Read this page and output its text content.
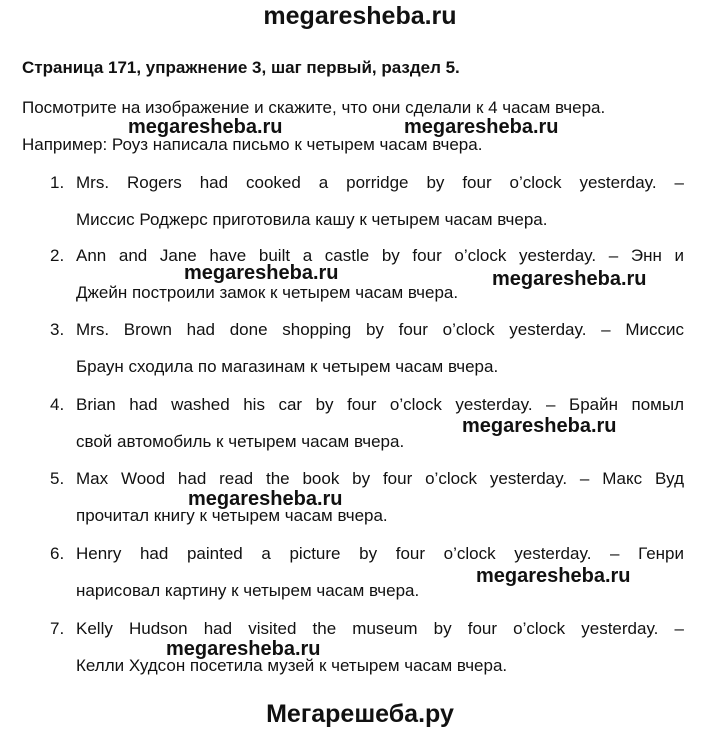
megaresheba.ru
Страница 171, упражнение 3, шаг первый, раздел 5.
Посмотрите на изображение и скажите, что они сделали к 4 часам вчера.
Например: Роуз написала письмо к четырем часам вчера.
1. Mrs. Rogers had cooked a porridge by four o’clock yesterday. –
Миссис Роджерс приготовила кашу к четырем часам вчера.
2. Ann and Jane have built a castle by four o’clock yesterday. – Энн и
Джейн построили замок к четырем часам вчера.
3. Mrs. Brown had done shopping by four o’clock yesterday. – Миссис
Браун сходила по магазинам к четырем часам вчера.
4. Brian had washed his car by four o’clock yesterday. – Брайн помыл
свой автомобиль к четырем часам вчера.
5. Max Wood had read the book by four o’clock yesterday. – Макс Вуд
прочитал книгу к четырем часам вчера.
6. Henry had painted a picture by four o’clock yesterday. – Генри
нарисовал картину к четырем часам вчера.
7. Kelly Hudson had visited the museum by four o’clock yesterday. –
Келли Худсон посетила музей к четырем часам вчера.
megaresheba.ru	megaresheba.ru
megaresheba.ru	megaresheba.ru
megaresheba.ru
megaresheba.ru
megaresheba.ru
megaresheba.ru
Мегарешеба.ру
